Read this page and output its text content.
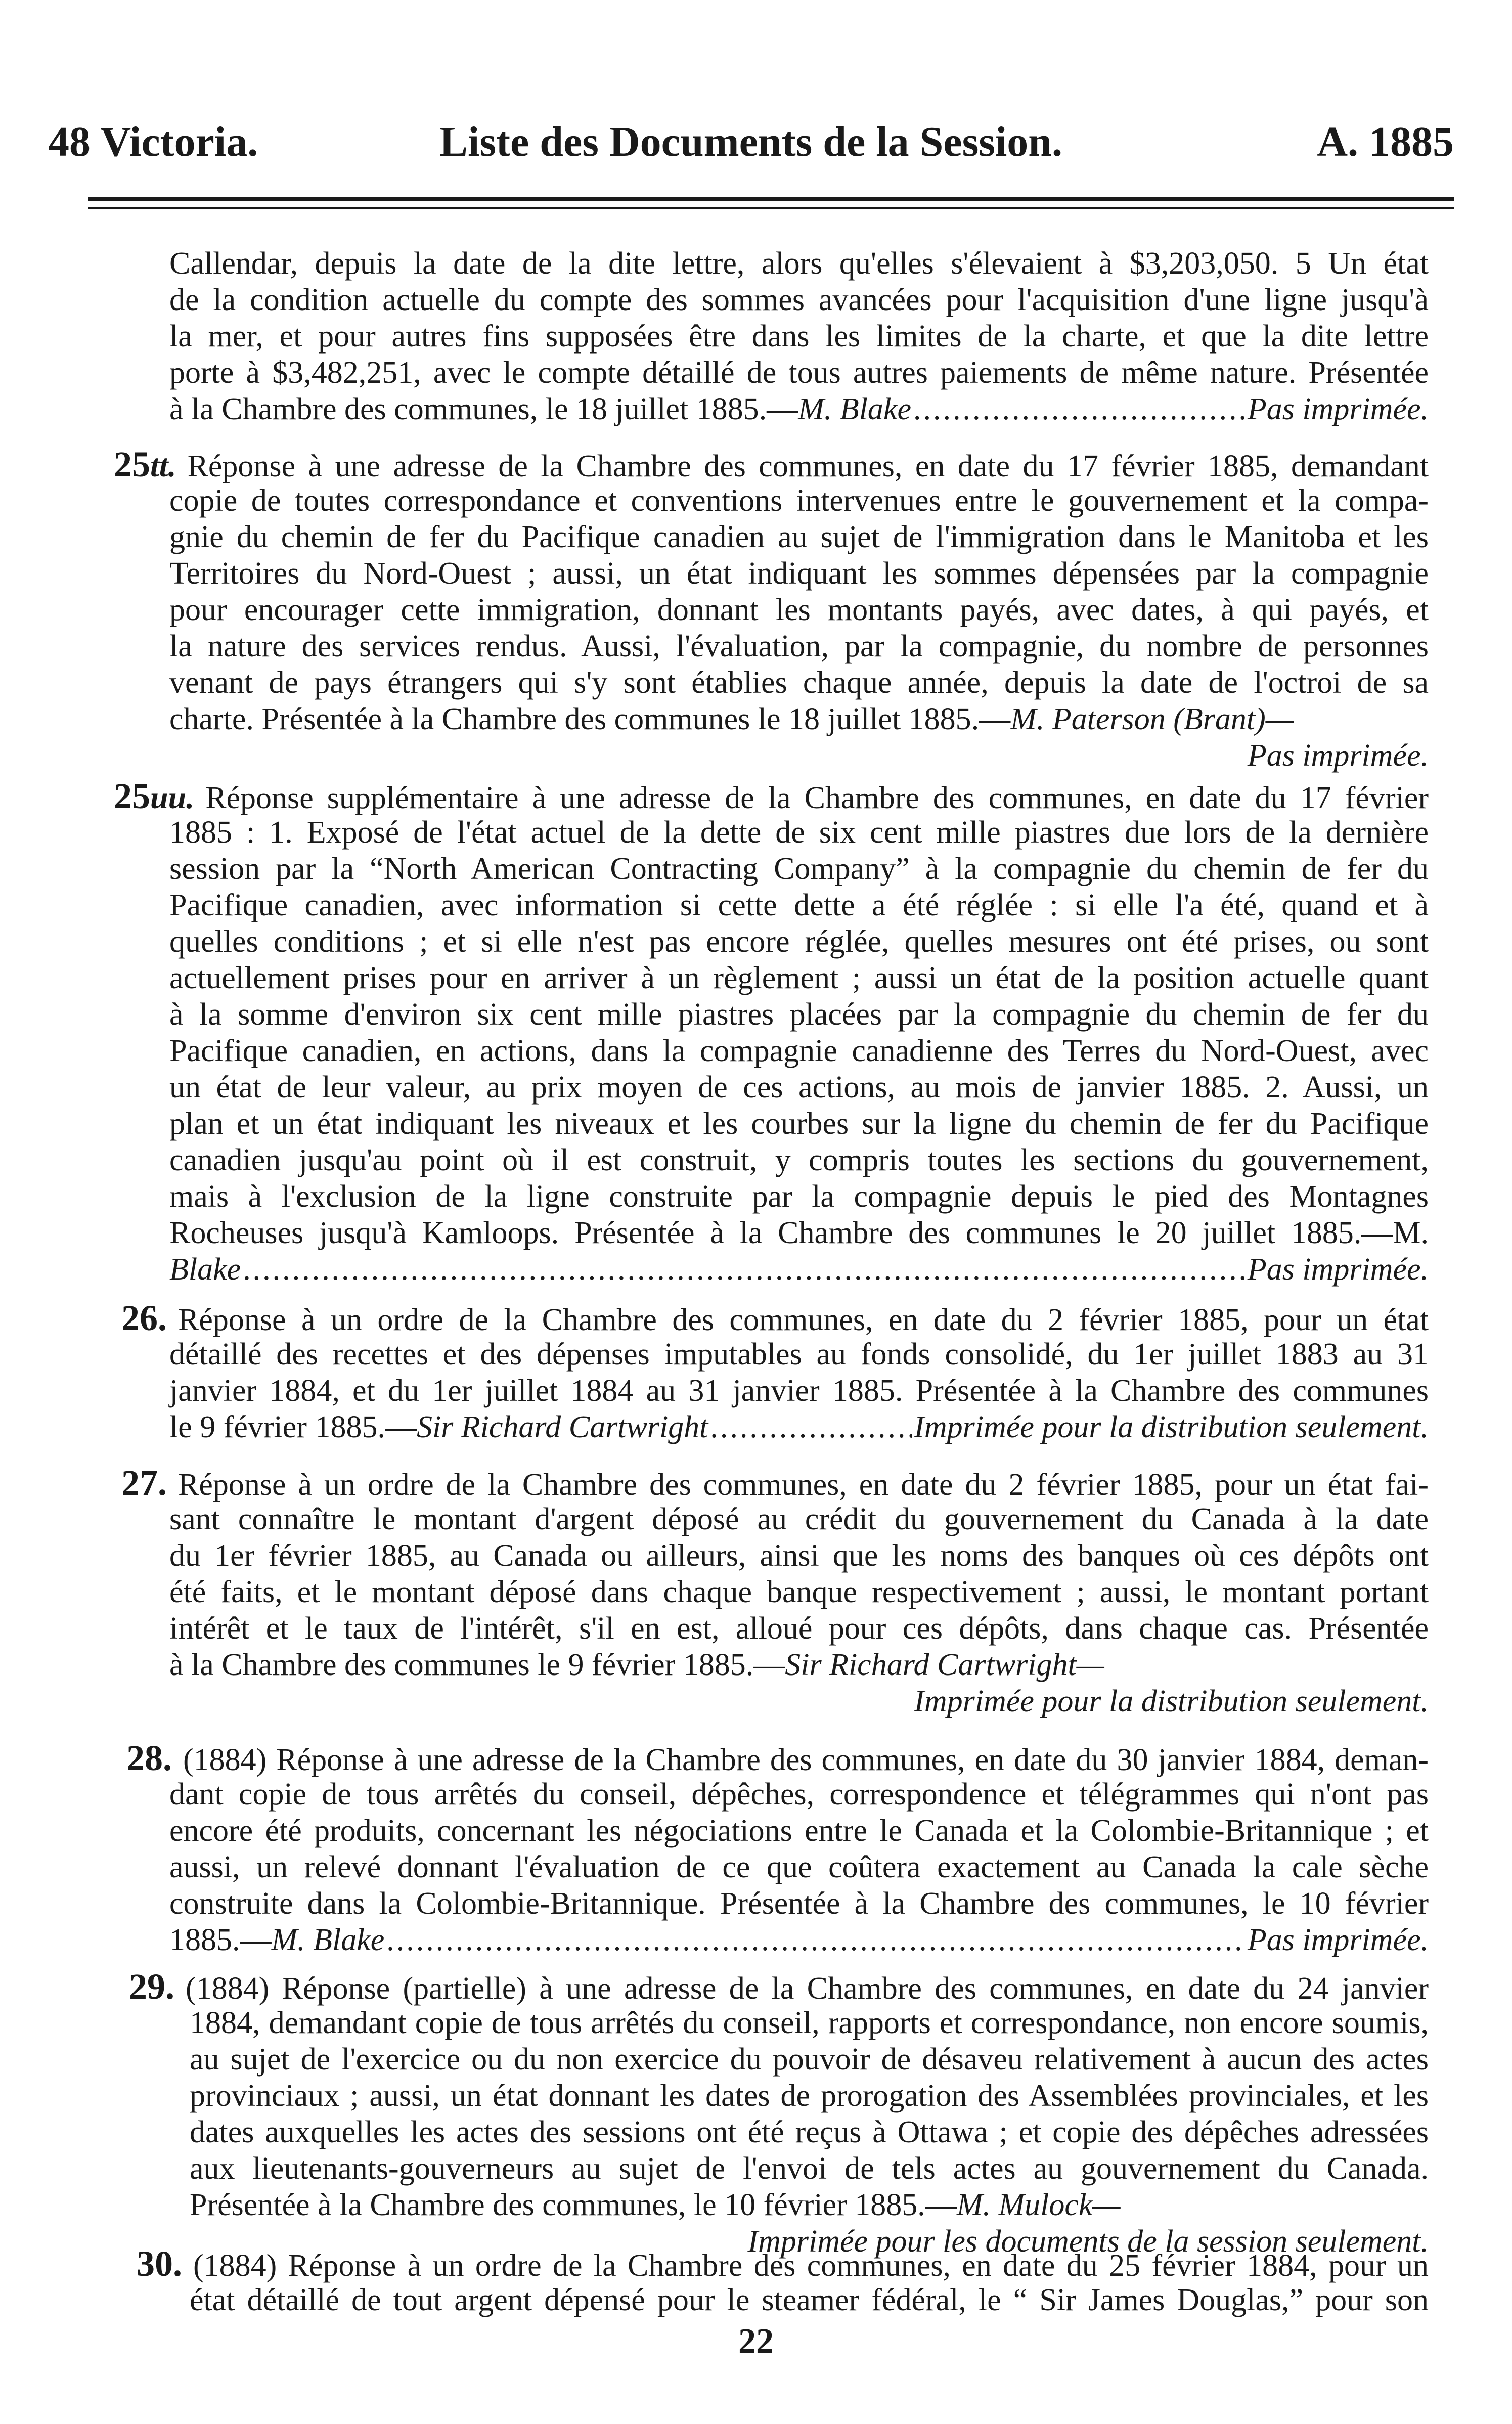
48 Victoria.	Liste des Documents de la Session.	A. 1885
Callendar, depuis la date de la dite lettre, alors qu'elles s'élevaient à $3,203,050. 5 Un état
de la condition actuelle du compte des sommes avancées pour l'acquisition d'une ligne jusqu'à
la mer, et pour autres fins supposées être dans les limites de la charte, et que la dite lettre
porte à $3,482,251, avec le compte détaillé de tous autres paiements de même nature. Présentée
à la Chambre des communes, le 18 juillet 1885.— M. Blake .....	Pas imprimée.
25tt. Réponse à une adresse de la Chambre des communes, en date du 17 février 1885, demandant
copie de toutes correspondance et conventions intervenues entre le gouvernement et la compa-
gnie du chemin de fer du Pacifique canadien au sujet de l'immigration dans le Manitoba et les
Territoires du Nord-Ouest ; aussi, un état indiquant les sommes dépensées par la compagnie
pour encourager cette immigration, donnant les montants payés, avec dates, à qui payés, et
la nature des services rendus. Aussi, l'évaluation, par la compagnie, du nombre de personnes
venant de pays étrangers qui s'y sont établies chaque année, depuis la date de l'octroi de sa
charte. Présentée à la Chambre des communes le 18 juillet 1885.—M. Paterson (Brant)—
Pas imprimée.
25uu. Réponse supplémentaire à une adresse de la Chambre des communes, en date du 17 février
1885 : 1. Exposé de l'état actuel de la dette de six cent mille piastres due lors de la dernière
session par la “North American Contracting Company” à la compagnie du chemin de fer du
Pacifique canadien, avec information si cette dette a été réglée : si elle l'a été, quand et à
quelles conditions ; et si elle n'est pas encore réglée, quelles mesures ont été prises, ou sont
actuellement prises pour en arriver à un règlement ; aussi un état de la position actuelle quant
à la somme d'environ six cent mille piastres placées par la compagnie du chemin de fer du
Pacifique canadien, en actions, dans la compagnie canadienne des Terres du Nord-Ouest, avec
un état de leur valeur, au prix moyen de ces actions, au mois de janvier 1885. 2. Aussi, un
plan et un état indiquant les niveaux et les courbes sur la ligne du chemin de fer du Pacifique
canadien jusqu'au point où il est construit, y compris toutes les sections du gouvernement,
mais à l'exclusion de la ligne construite par la compagnie depuis le pied des Montagnes
Rocheuses jusqu'à Kamloops. Présentée à la Chambre des communes le 20 juillet 1885.—M.
Blake .....	Pas imprimée.
26. Réponse à un ordre de la Chambre des communes, en date du 2 février 1885, pour un état
détaillé des recettes et des dépenses imputables au fonds consolidé, du 1er juillet 1883 au 31
janvier 1884, et du 1er juillet 1884 au 31 janvier 1885. Présentée à la Chambre des communes
le 9 février 1885.— Sir Richard Cartwright .....	Imprimée pour la distribution seulement.
27. Réponse à un ordre de la Chambre des communes, en date du 2 février 1885, pour un état fai-
sant connaître le montant d'argent déposé au crédit du gouvernement du Canada à la date
du 1er février 1885, au Canada ou ailleurs, ainsi que les noms des banques où ces dépôts ont
été faits, et le montant déposé dans chaque banque respectivement ; aussi, le montant portant
intérêt et le taux de l'intérêt, s'il en est, alloué pour ces dépôts, dans chaque cas. Présentée
à la Chambre des communes le 9 février 1885.—Sir Richard Cartwright—
Imprimée pour la distribution seulement.
28. (1884) Réponse à une adresse de la Chambre des communes, en date du 30 janvier 1884, deman-
dant copie de tous arrêtés du conseil, dépêches, correspondence et télégrammes qui n'ont pas
encore été produits, concernant les négociations entre le Canada et la Colombie-Britannique ; et
aussi, un relevé donnant l'évaluation de ce que coûtera exactement au Canada la cale sèche
construite dans la Colombie-Britannique. Présentée à la Chambre des communes, le 10 février
1885.— M. Blake .....	Pas imprimée.
29. (1884) Réponse (partielle) à une adresse de la Chambre des communes, en date du 24 janvier
1884, demandant copie de tous arrêtés du conseil, rapports et correspondance, non encore soumis,
au sujet de l'exercice ou du non exercice du pouvoir de désaveu relativement à aucun des actes
provinciaux ; aussi, un état donnant les dates de prorogation des Assemblées provinciales, et les
dates auxquelles les actes des sessions ont été reçus à Ottawa ; et copie des dépêches adressées
aux lieutenants-gouverneurs au sujet de l'envoi de tels actes au gouvernement du Canada.
Présentée à la Chambre des communes, le 10 février 1885.—M. Mulock—
Imprimée pour les documents de la session seulement.
30. (1884) Réponse à un ordre de la Chambre des communes, en date du 25 février 1884, pour un
état détaillé de tout argent dépensé pour le steamer fédéral, le “ Sir James Douglas,” pour son
22
